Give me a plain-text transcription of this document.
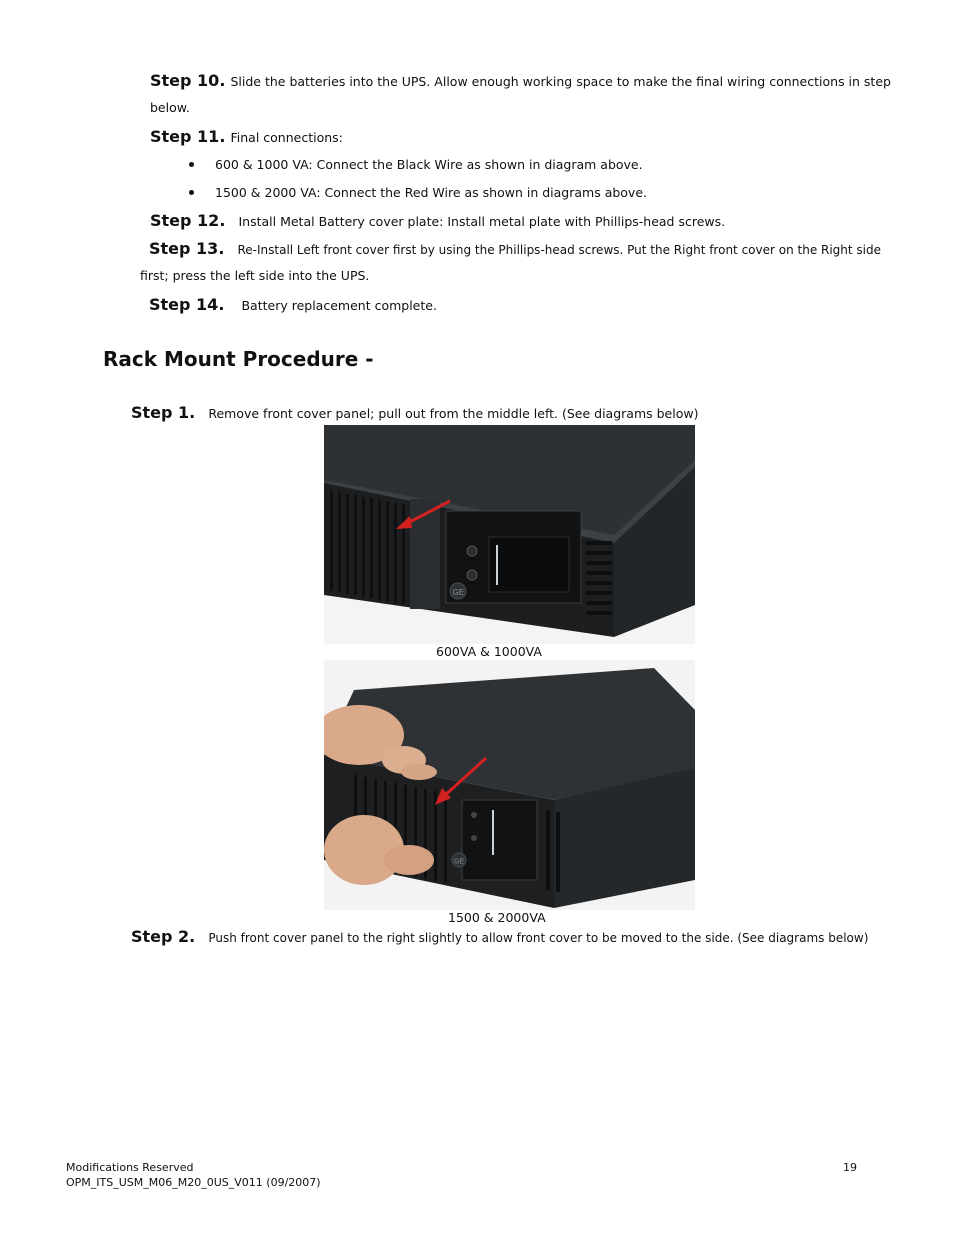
Step 10. Slide the batteries into the UPS. Allow enough working space to make the final wiring connections in step
below.
Step 11. Final connections:
600 & 1000 VA: Connect the Black Wire as shown in diagram above.
1500 & 2000 VA: Connect the Red Wire as shown in diagrams above.
Step 12. Install Metal Battery cover plate: Install metal plate with Phillips-head screws.
Step 13. Re-Install Left front cover first by using the Phillips-head screws. Put the Right front cover on the Right side
first; press the left side into the UPS.
Step 14. Battery replacement complete.
Rack Mount Procedure -
Step 1. Remove front cover panel; pull out from the middle left. (See diagrams below)
GE
600VA & 1000VA
GE
1500 & 2000VA
Step 2. Push front cover panel to the right slightly to allow front cover to be moved to the side. (See diagrams below)
Modifications Reserved
OPM_ITS_USM_M06_M20_0US_V011 (09/2007)
19
